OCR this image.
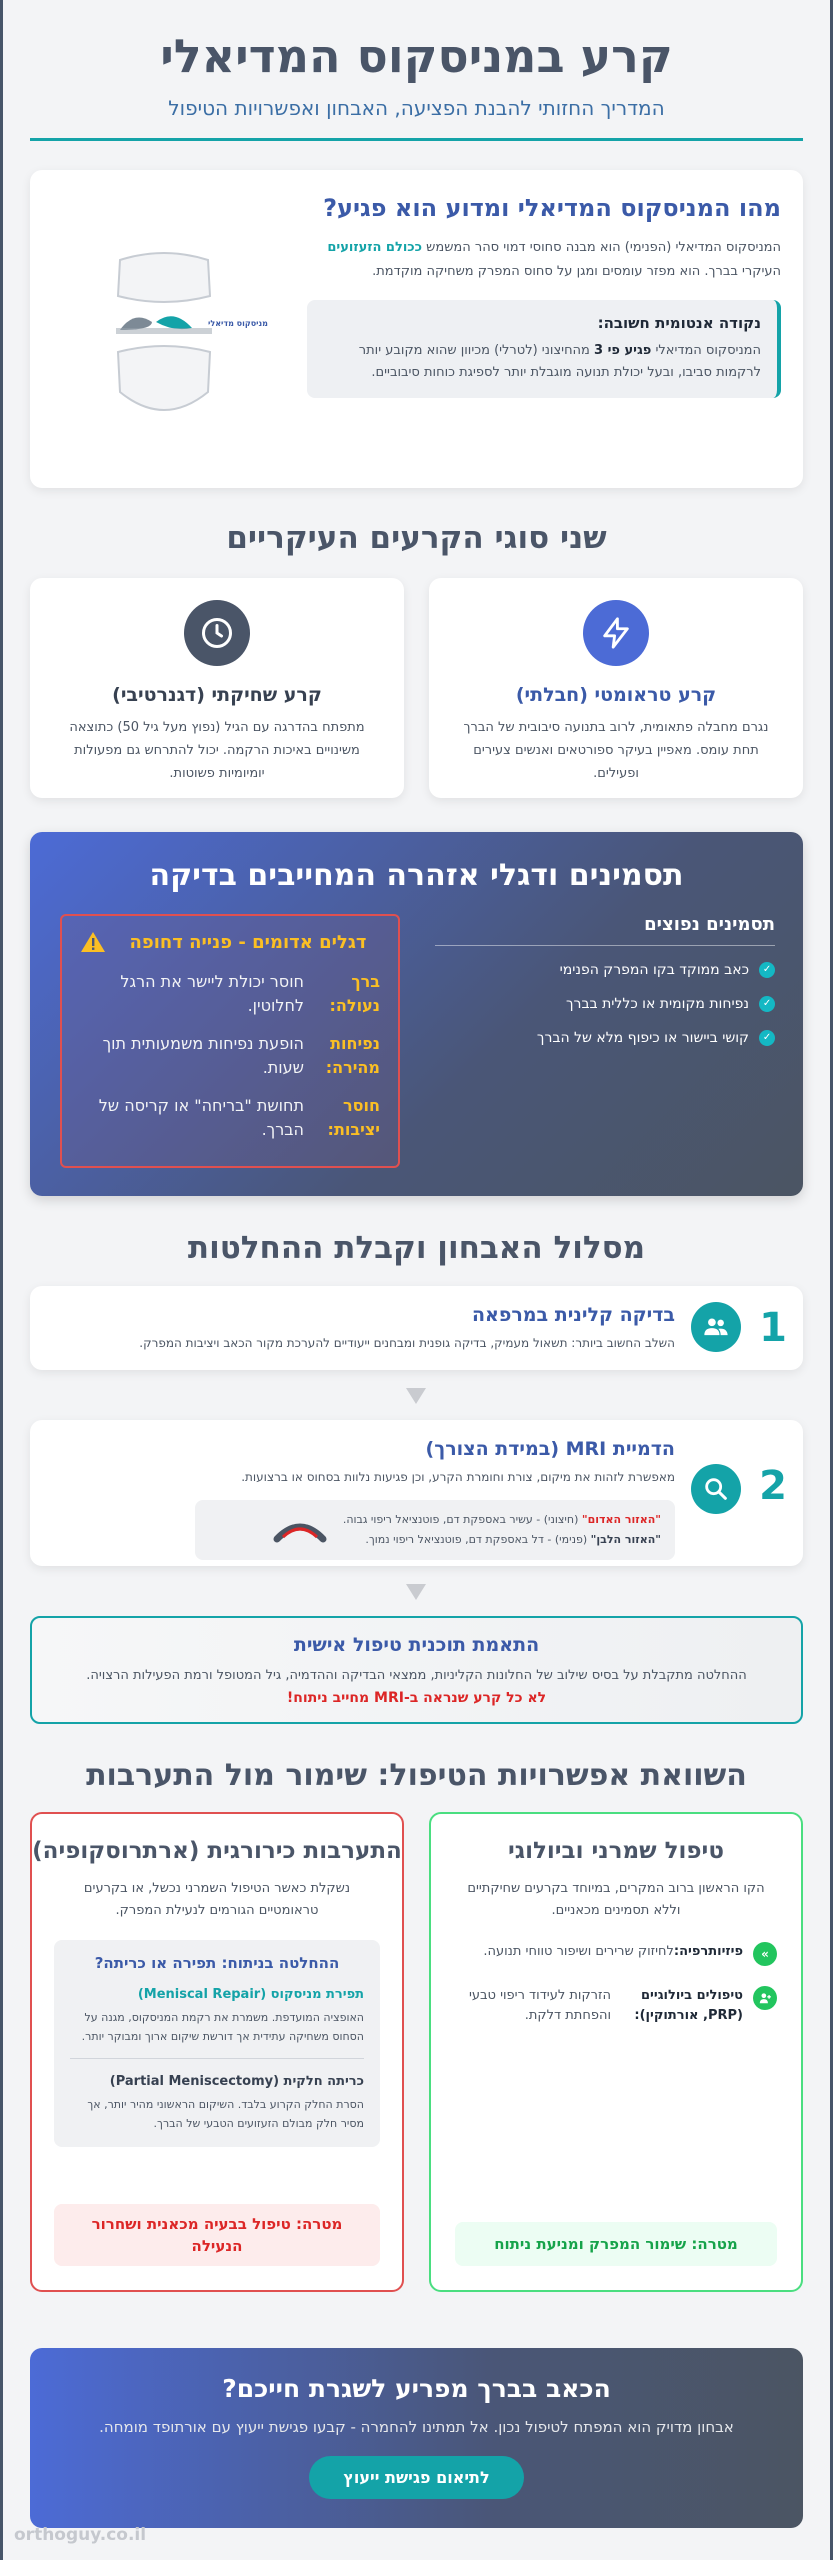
קרע במניסקוס המדיאלי
המדריך החזותי להבנת הפציעה, האבחון ואפשרויות הטיפול
מהו המניסקוס המדיאלי ומדוע הוא פגיע?
המניסקוס המדיאלי (הפנימי) הוא מבנה סחוסי דמוי סהר המשמש ככולם הזעזועים העיקרי בברך. הוא מפזר עומסים ומגן על סחוס המפרק משחיקה מוקדמת.
נקודה אנטומית חשובה:
המניסקוס המדיאלי פגיע פי 3 מהחיצוני (לטרלי) מכיוון שהוא מקובע יותר לרקמות סביבו, ובעל יכולת תנועה מוגבלת יותר לספיגת כוחות סיבוביים.
מניסקוס מדיאלי
שני סוגי הקרעים העיקריים
קרע טראומטי (חבלתי)
נגרם מחבלה פתאומית, לרוב בתנועה סיבובית של הברך תחת עומס. מאפיין בעיקר ספורטאים ואנשים צעירים ופעילים.
קרע שחיקתי (דגנרטיבי)
מתפתח בהדרגה עם הגיל (נפוץ מעל גיל 50) כתוצאה משינויים באיכות הרקמה. יכול להתרחש גם מפעולות יומיומיות פשוטות.
תסמינים ודגלי אזהרה המחייבים בדיקה
תסמינים נפוצים
✓
כאב ממוקד בקו המפרק הפנימי
✓
נפיחות מקומית או כללית בברך
✓
קושי ביישור או כיפוף מלא של הברך
דגלים אדומים - פנייה דחופה
ברך נעולה:
חוסר יכולת ליישר את הרגל לחלוטין.
נפיחות מהירה:
הופעת נפיחות משמעותית תוך שעות.
חוסר יציבות:
תחושת "בריחה" או קריסה של הברך.
מסלול האבחון וקבלת ההחלטות
1
בדיקה קלינית במרפאה
השלב החשוב ביותר: תשאול מעמיק, בדיקה גופנית ומבחנים ייעודיים להערכת מקור הכאב ויציבות המפרק.
2
הדמיית MRI (במידת הצורך)
מאפשרת לזהות את מיקום, צורת וחומרת הקרע, וכן פגיעות נלוות בסחוס או ברצועות.
"האזור האדום" (חיצוני) - עשיר באספקת דם, פוטנציאל ריפוי גבוה.
"האזור הלבן" (פנימי) - דל באספקת דם, פוטנציאל ריפוי נמוך.
התאמת תוכנית טיפול אישית
ההחלטה מתקבלת על בסיס שילוב של החלונות הקליניות, ממצאי הבדיקה וההדמיה, גיל המטופל ורמת הפעילות הרצויה.
לא כל קרע שנראה ב-MRI מחייב ניתוח!
השוואת אפשרויות הטיפול: שימור מול התערבות
טיפול שמרני וביולוגי
הקו הראשון ברוב המקרים, במיוחד בקרעים שחיקתיים וללא תסמינים מכאניים.
»
פיזיותרפיה:לחיזוק שרירים ושיפור טווחי תנועה.
טיפולים ביולוגיים (PRP, אורתוקין):
הזרקות לעידוד ריפוי טבעי והפחתת דלקת.
מטרה: שימור המפרק ומניעת ניתוח
התערבות כירורגית (ארתרוסקופיה)
נשקלת כאשר הטיפול השמרני נכשל, או בקרעים טראומטיים הגורמים לנעילת המפרק.
ההחלטה בניתוח: תפירה או כריתה?
תפירת מניסקוס (Meniscal Repair)
האופציה המועדפת. משמרת את רקמת המניסקוס, מגנה על הסחוס משחיקה עתידית אך דורשת שיקום ארוך ומבוקר יותר.
כריתה חלקית (Partial Meniscectomy)
הסרת החלק הקרוע בלבד. השיקום הראשוני מהיר יותר, אך מסיר חלק מבולם הזעזועים הטבעי של הברך.
מטרה: טיפול בבעיה מכאנית ושחרור הנעילה
הכאב בברך מפריע לשגרת חייכם?
אבחון מדויק הוא המפתח לטיפול נכון. אל תמתינו להחמרה - קבעו פגישת ייעוץ עם אורתופד מומחה.
לתיאום פגישת ייעוץ
orthoguy.co.il
